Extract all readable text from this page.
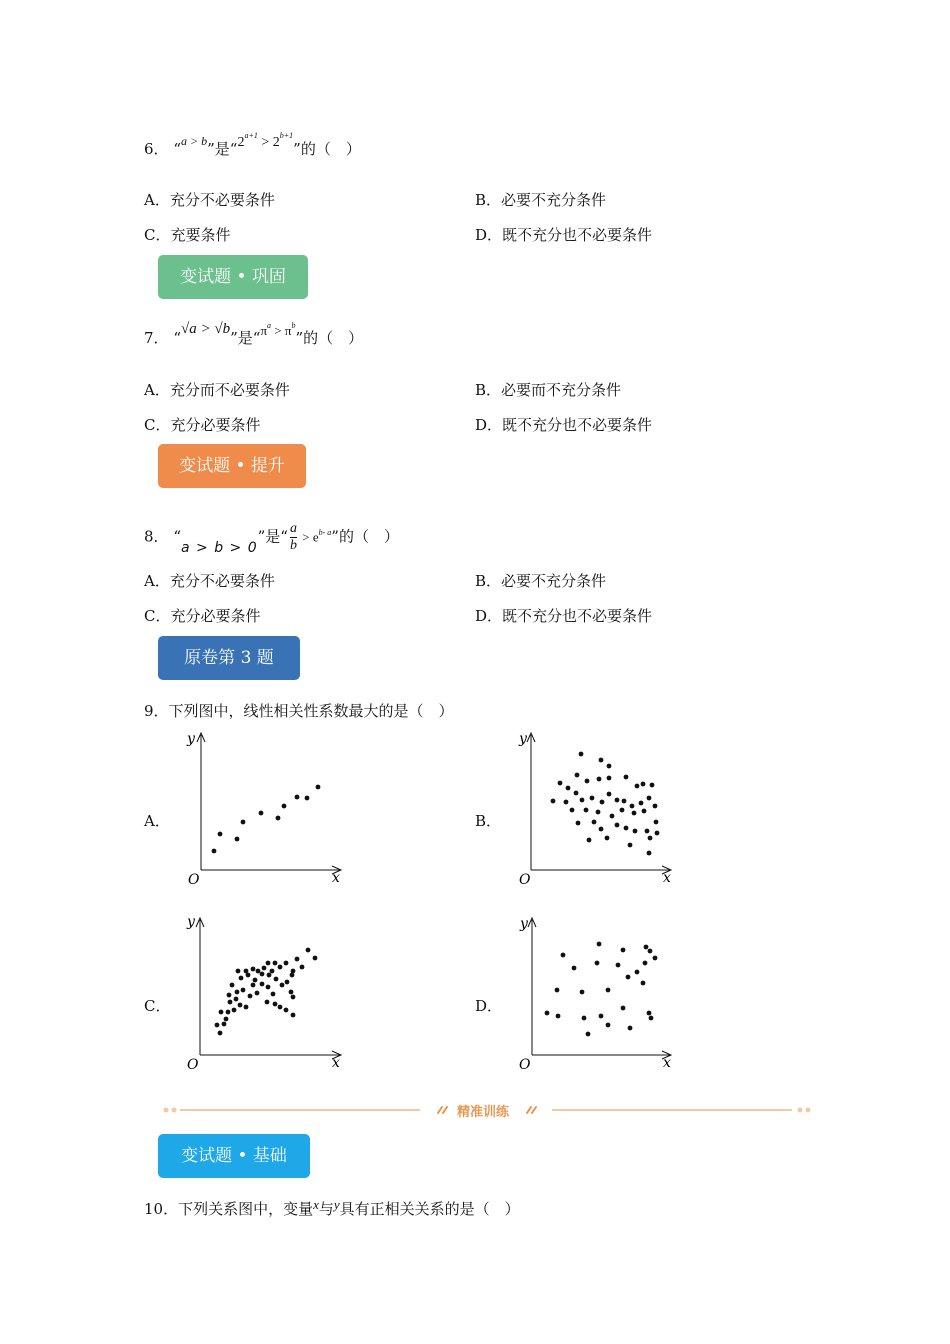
6． “$^{a > b}$”是“$2^{a+1} > 2^{b+1}$”的（　）
A．充分不必要条件	B．必要不充分条件
C．充要条件	D．既不充分也不必要条件
变试题 • 巩固
7． “√a > √b”是“$\pi^a > \pi^b$”的（　）
A．充分而不必要条件	B．必要而不充分条件
C．充分必要条件	D．既不充分也不必要条件
变试题 • 提升
8． “a > b > 0”是“ $\frac{a}{b} > e^{b- a}$”的（　）
A．充分不必要条件	B．必要不充分条件
C．充分必要条件	D．既不充分也不必要条件
原卷第 3 题
9．下列图中，线性相关性系数最大的是（　）
A．	B．
C．	D．
y
x
O
y
x
O
y
x
O
y
x
O
精准训练
变试题 • 基础
10．下列关系图中，变量x与y具有正相关关系的是（　）
